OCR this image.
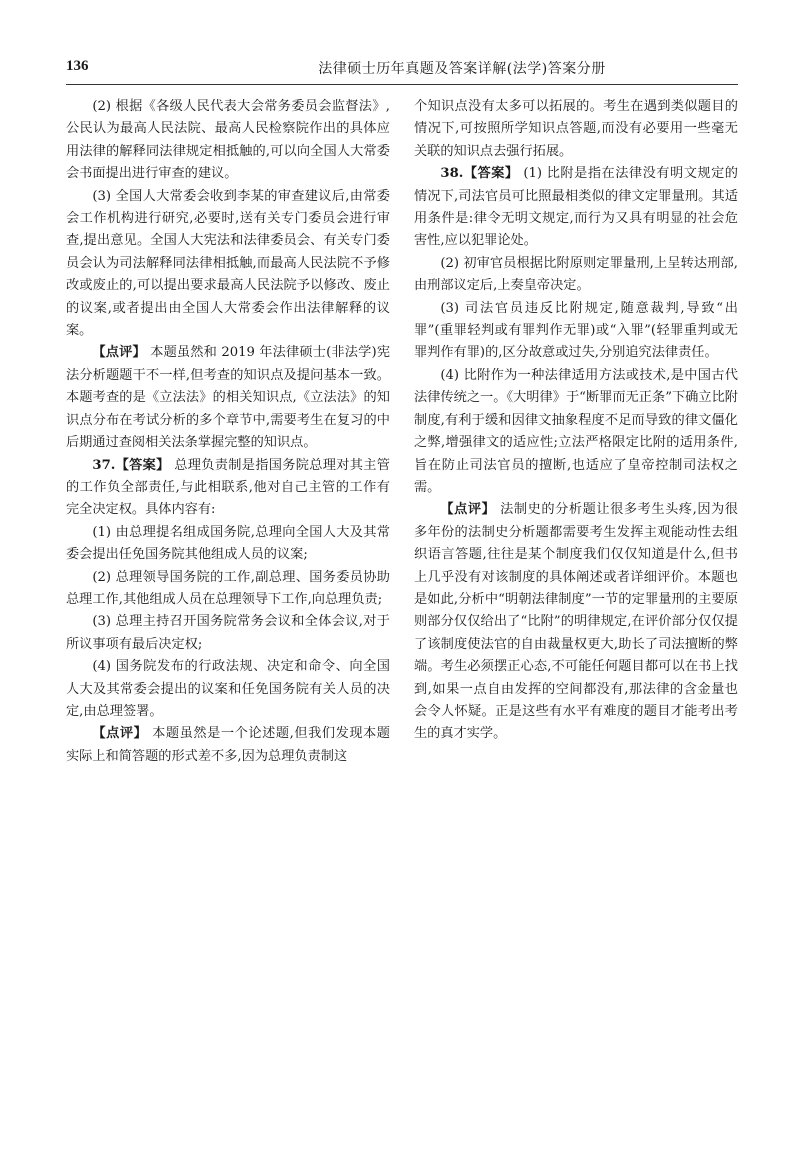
136	法律硕士历年真题及答案详解(法学)答案分册

(2) 根据《各级人民代表大会常务委员会监督法》,公民认为最高人民法院、最高人民检察院作出的具体应用法律的解释同法律规定相抵触的,可以向全国人大常委会书面提出进行审查的建议。

(3) 全国人大常委会收到李某的审查建议后,由常委会工作机构进行研究,必要时,送有关专门委员会进行审查,提出意见。全国人大宪法和法律委员会、有关专门委员会认为司法解释同法律相抵触,而最高人民法院不予修改或废止的,可以提出要求最高人民法院予以修改、废止的议案,或者提出由全国人大常委会作出法律解释的议案。

【点评】 本题虽然和 2019 年法律硕士(非法学)宪法分析题题干不一样,但考查的知识点及提问基本一致。本题考查的是《立法法》的相关知识点,《立法法》的知识点分布在考试分析的多个章节中,需要考生在复习的中后期通过查阅相关法条掌握完整的知识点。

37.【答案】 总理负责制是指国务院总理对其主管的工作负全部责任,与此相联系,他对自己主管的工作有完全决定权。具体内容有:

(1) 由总理提名组成国务院,总理向全国人大及其常委会提出任免国务院其他组成人员的议案;

(2) 总理领导国务院的工作,副总理、国务委员协助总理工作,其他组成人员在总理领导下工作,向总理负责;

(3) 总理主持召开国务院常务会议和全体会议,对于所议事项有最后决定权;

(4) 国务院发布的行政法规、决定和命令、向全国人大及其常委会提出的议案和任免国务院有关人员的决定,由总理签署。

【点评】 本题虽然是一个论述题,但我们发现本题实际上和简答题的形式差不多,因为总理负责制这

个知识点没有太多可以拓展的。考生在遇到类似题目的情况下,可按照所学知识点答题,而没有必要用一些毫无关联的知识点去强行拓展。

38.【答案】 (1) 比附是指在法律没有明文规定的情况下,司法官员可比照最相类似的律文定罪量刑。其适用条件是:律令无明文规定,而行为又具有明显的社会危害性,应以犯罪论处。

(2) 初审官员根据比附原则定罪量刑,上呈转达刑部,由刑部议定后,上奏皇帝决定。

(3) 司法官员违反比附规定,随意裁判,导致“出罪”(重罪轻判或有罪判作无罪)或“入罪”(轻罪重判或无罪判作有罪)的,区分故意或过失,分别追究法律责任。

(4) 比附作为一种法律适用方法或技术,是中国古代法律传统之一。《大明律》于“断罪而无正条”下确立比附制度,有利于缓和因律文抽象程度不足而导致的律文僵化之弊,增强律文的适应性;立法严格限定比附的适用条件,旨在防止司法官员的擅断,也适应了皇帝控制司法权之需。

【点评】 法制史的分析题让很多考生头疼,因为很多年份的法制史分析题都需要考生发挥主观能动性去组织语言答题,往往是某个制度我们仅仅知道是什么,但书上几乎没有对该制度的具体阐述或者详细评价。本题也是如此,分析中“明朝法律制度”一节的定罪量刑的主要原则部分仅仅给出了“比附”的明律规定,在评价部分仅仅提了该制度使法官的自由裁量权更大,助长了司法擅断的弊端。考生必须摆正心态,不可能任何题目都可以在书上找到,如果一点自由发挥的空间都没有,那法律的含金量也会令人怀疑。正是这些有水平有难度的题目才能考出考生的真才实学。
